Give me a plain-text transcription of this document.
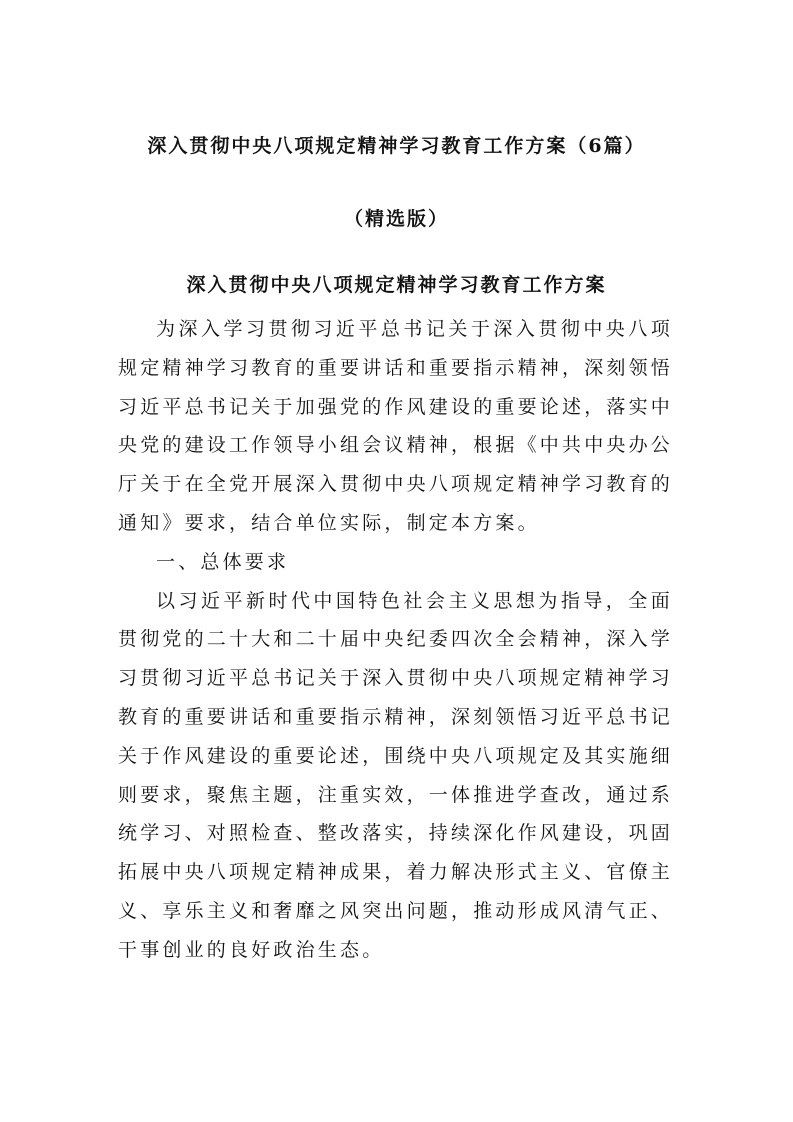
深入贯彻中央八项规定精神学习教育工作方案（6篇）
（精选版）
深入贯彻中央八项规定精神学习教育工作方案

为深入学习贯彻习近平总书记关于深入贯彻中央八项规定精神学习教育的重要讲话和重要指示精神，深刻领悟习近平总书记关于加强党的作风建设的重要论述，落实中央党的建设工作领导小组会议精神，根据《中共中央办公厅关于在全党开展深入贯彻中央八项规定精神学习教育的通知》要求，结合单位实际，制定本方案。

一、总体要求

以习近平新时代中国特色社会主义思想为指导，全面贯彻党的二十大和二十届中央纪委四次全会精神，深入学习贯彻习近平总书记关于深入贯彻中央八项规定精神学习教育的重要讲话和重要指示精神，深刻领悟习近平总书记关于作风建设的重要论述，围绕中央八项规定及其实施细则要求，聚焦主题，注重实效，一体推进学查改，通过系统学习、对照检查、整改落实，持续深化作风建设，巩固拓展中央八项规定精神成果，着力解决形式主义、官僚主义、享乐主义和奢靡之风突出问题，推动形成风清气正、干事创业的良好政治生态。
